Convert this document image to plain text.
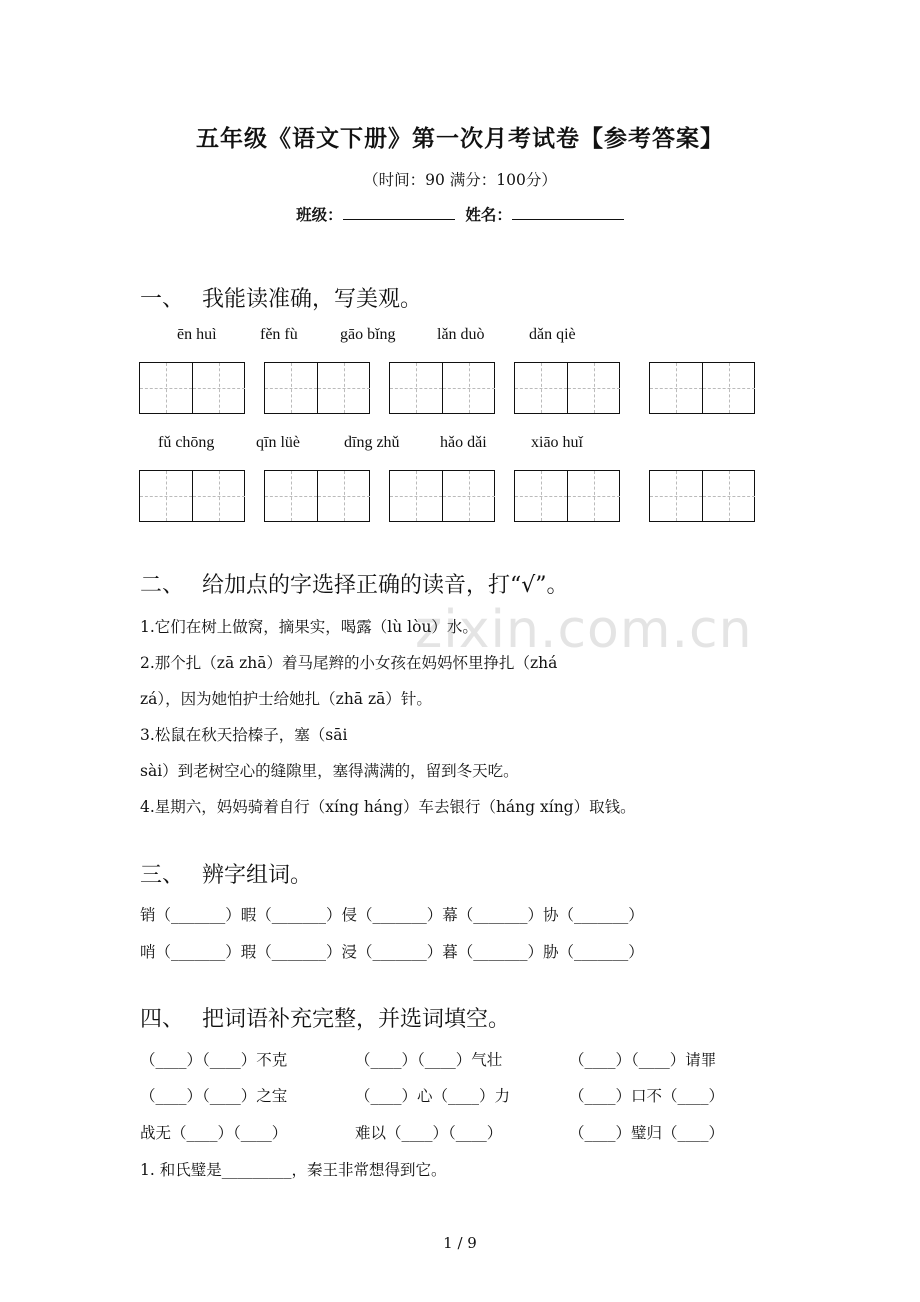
zixin.com.cn
五年级《语文下册》第一次月考试卷【参考答案】
（时间：90 满分：100分）
班级：	姓名：
一、 我能读准确，写美观。
ēn huì	fěn fù	gāo bǐng	lǎn duò	dǎn qiè
fǔ chōng	qīn lüè	dīng zhǔ	hǎo dǎi	xiāo huǐ
二、 给加点的字选择正确的读音，打“√”。
1.它们在树上做窝，摘果实，喝露（lù lòu）水。
2.那个扎（zā zhā）着马尾辫的小女孩在妈妈怀里挣扎（zhá
zá），因为她怕护士给她扎（zhā zā）针。
3.松鼠在秋天拾榛子，塞（sāi
sài）到老树空心的缝隙里，塞得满满的，留到冬天吃。
4.星期六，妈妈骑着自行（xíng háng）车去银行（háng xíng）取钱。
三、 辨字组词。
销（_______）暇（_______）侵（_______）幕（_______）协（_______）
哨（_______）瑕（_______）浸（_______）暮（_______）胁（_______）
四、 把词语补充完整，并选词填空。
（____）（____）不克	（____）（____）气壮	（____）（____）请罪
（____）（____）之宝	（____）心（____）力	（____）口不（____）
战无（____）（____）	难以（____）（____）	（____）璧归（____）
1. 和氏璧是_________，秦王非常想得到它。
1 / 9
